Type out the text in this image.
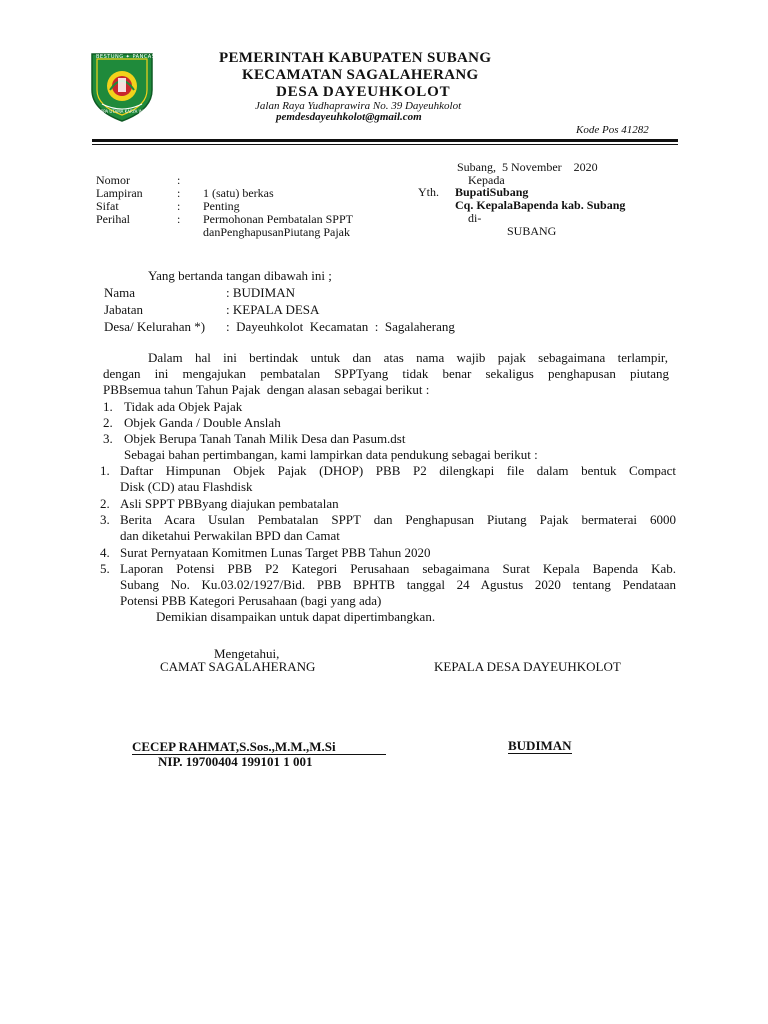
BESTUNG ✦ PANCASILA
GAPPA UTAMA KARYA WIBAWA
PEMERINTAH KABUPATEN SUBANG
KECAMATAN SAGALAHERANG
DESA DAYEUHKOLOT
Jalan Raya Yudhaprawira No. 39 Dayeuhkolot
pemdesdayeuhkolot@gmail.com
Kode Pos 41282
Subang,  5 November    2020
Kepada
Yth. BupatiSubang
Cq. KepalaBapenda kab. Subang
di-
SUBANG
Nomor	:
Lampiran	: 1 (satu) berkas
Sifat	: Penting
Perihal	: Permohonan Pembatalan SPPT
danPenghapusanPiutang Pajak
Yang bertanda tangan dibawah ini ;
Nama	: BUDIMAN
Jabatan	: KEPALA DESA
Desa/ Kelurahan *) :  Dayeuhkolot  Kecamatan  :  Sagalaherang
Dalam hal ini bertindak untuk dan atas nama wajib pajak sebagaimana terlampir,
dengan ini mengajukan pembatalan SPPTyang tidak benar sekaligus penghapusan piutang
PBBsemua tahun Tahun Pajak  dengan alasan sebagai berikut :
1. Tidak ada Objek Pajak
2. Objek Ganda / Double Anslah
3. Objek Berupa Tanah Tanah Milik Desa dan Pasum.dst
Sebagai bahan pertimbangan, kami lampirkan data pendukung sebagai berikut :
1. Daftar Himpunan Objek Pajak (DHOP) PBB P2 dilengkapi file dalam bentuk Compact
Disk (CD) atau Flashdisk
2. Asli SPPT PBByang diajukan pembatalan
3. Berita Acara Usulan Pembatalan SPPT dan Penghapusan Piutang Pajak bermaterai 6000
dan diketahui Perwakilan BPD dan Camat
4. Surat Pernyataan Komitmen Lunas Target PBB Tahun 2020
5. Laporan Potensi PBB P2 Kategori Perusahaan sebagaimana Surat Kepala Bapenda Kab.
Subang No. Ku.03.02/1927/Bid. PBB BPHTB tanggal 24 Agustus 2020 tentang Pendataan
Potensi PBB Kategori Perusahaan (bagi yang ada)
Demikian disampaikan untuk dapat dipertimbangkan.
Mengetahui,
CAMAT SAGALAHERANG	KEPALA DESA DAYEUHKOLOT
CECEP RAHMAT,S.Sos.,M.M.,M.Si
NIP. 19700404 199101 1 001
BUDIMAN
